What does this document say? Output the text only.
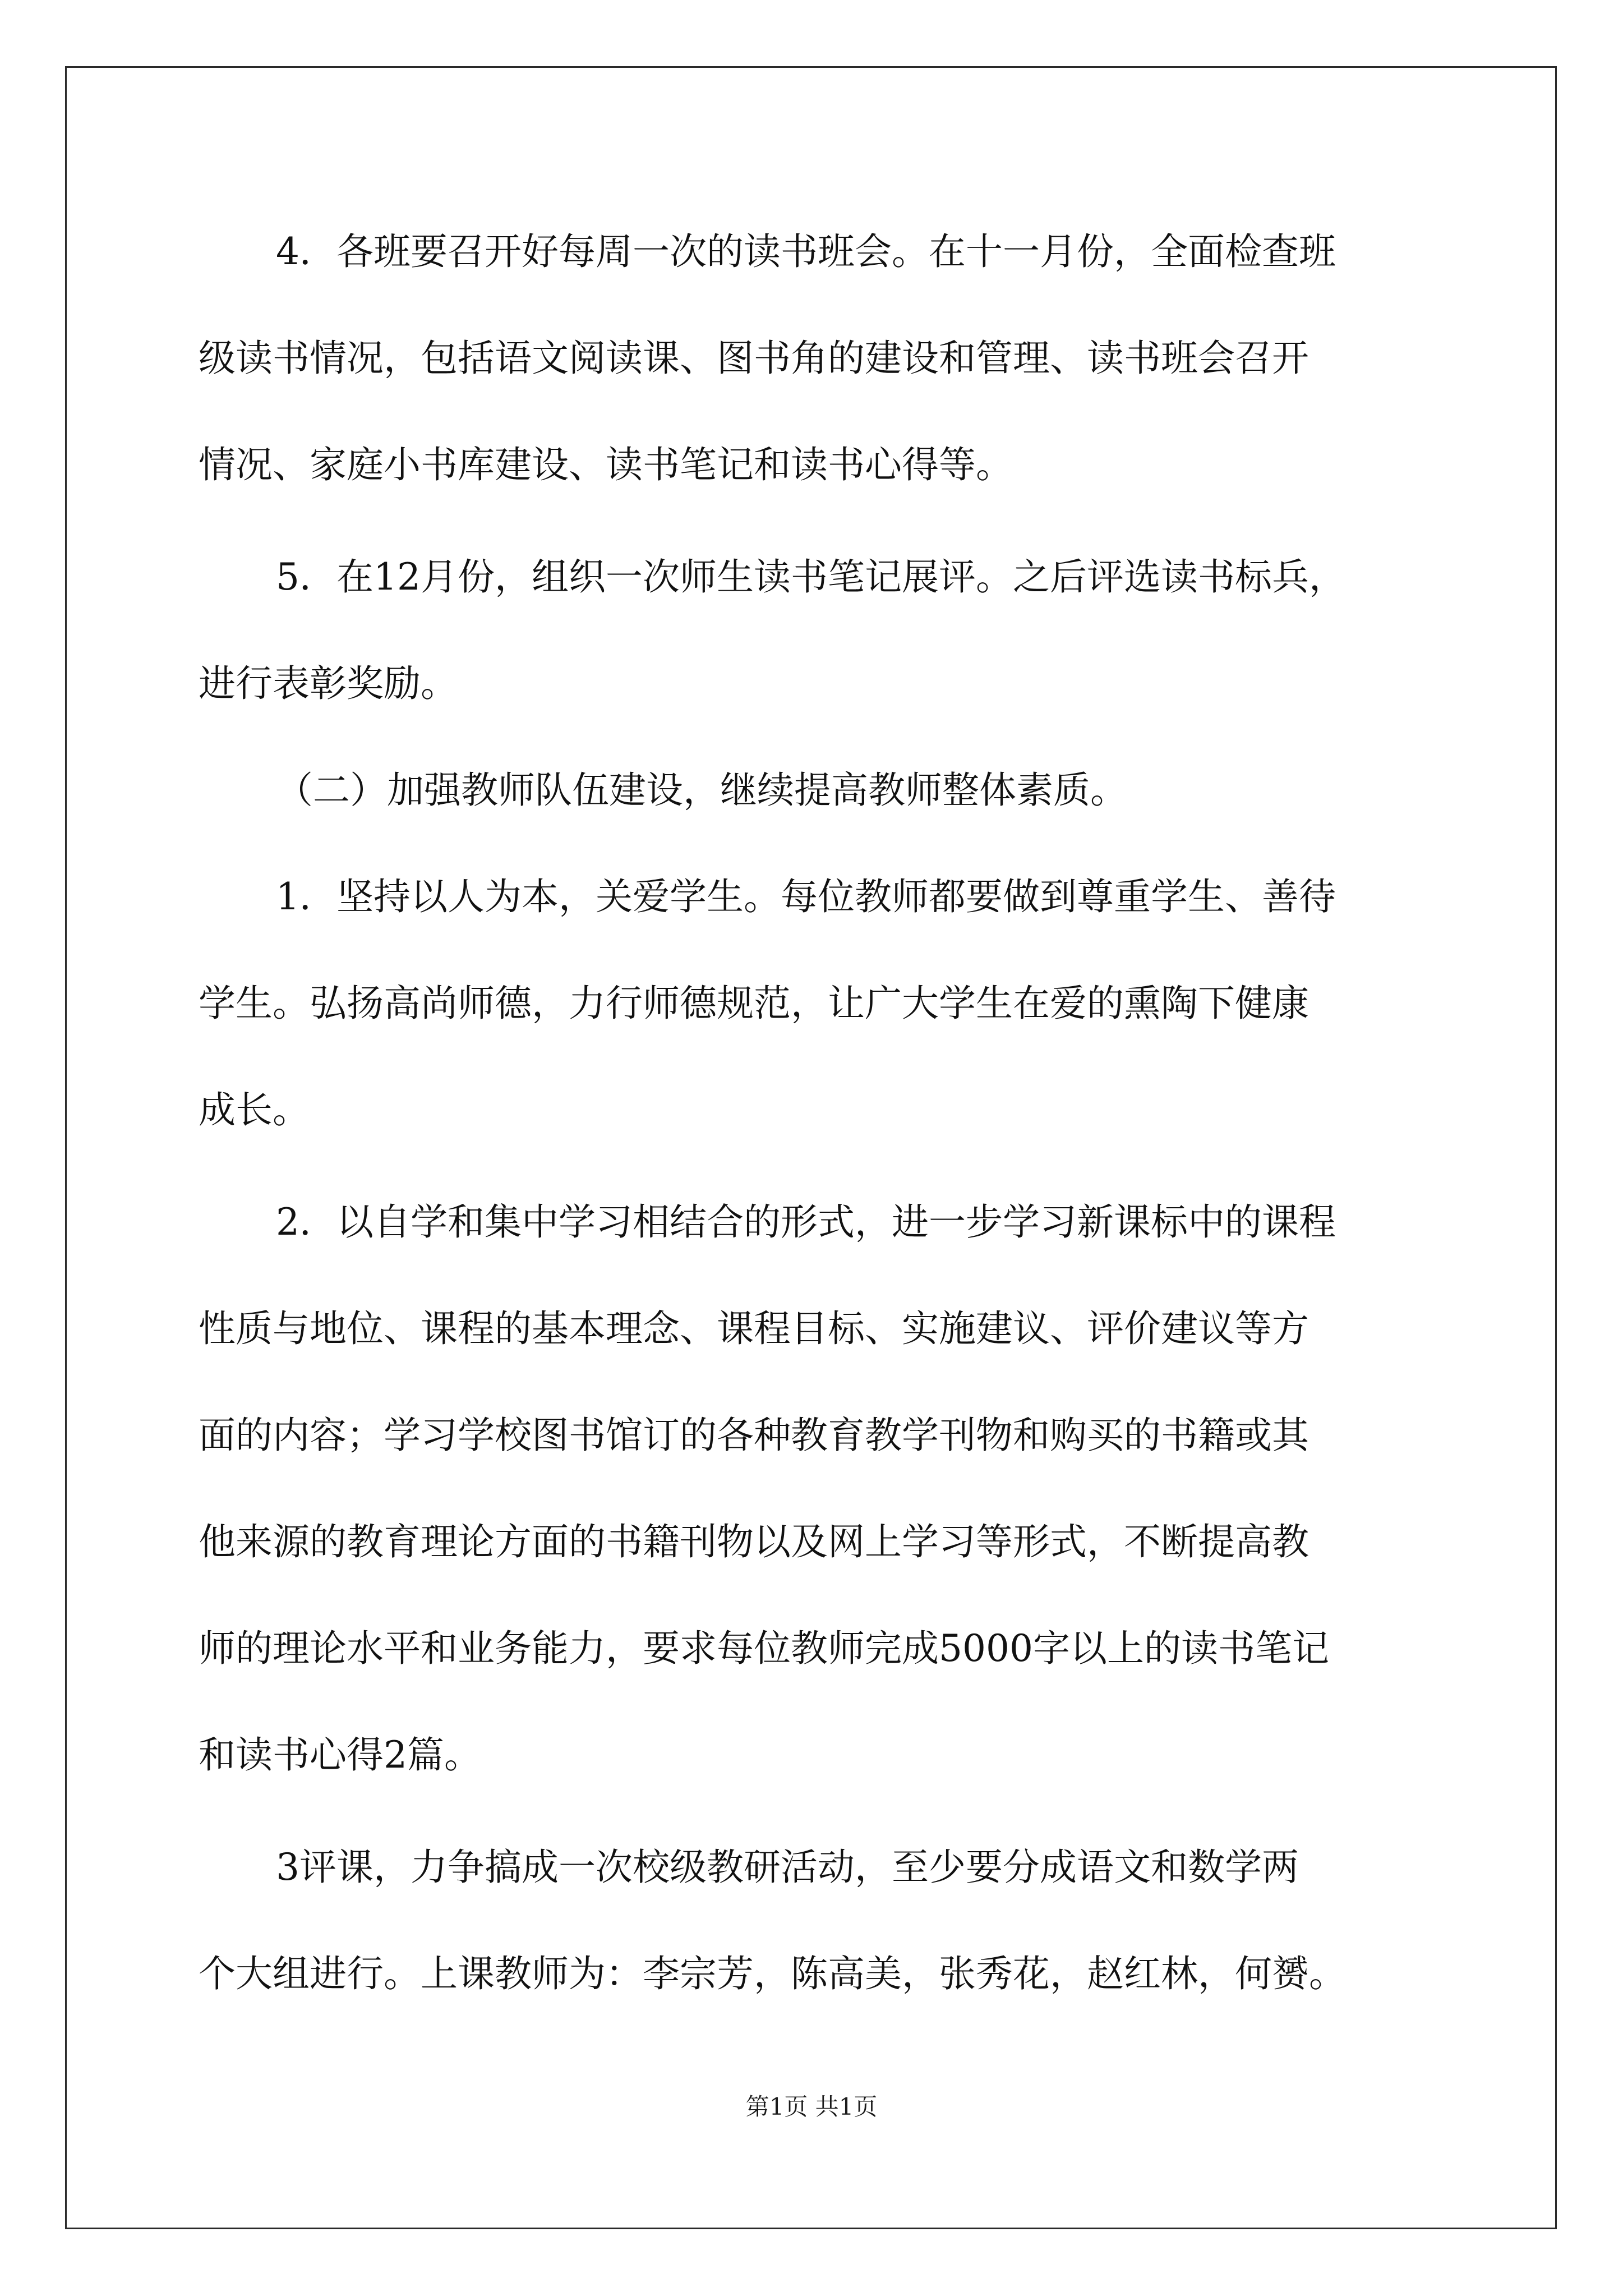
4．各班要召开好每周一次的读书班会。在十一月份，全面检查班
级读书情况，包括语文阅读课、图书角的建设和管理、读书班会召开
情况、家庭小书库建设、读书笔记和读书心得等。
5．在12月份，组织一次师生读书笔记展评。之后评选读书标兵，
进行表彰奖励。
（二）加强教师队伍建设，继续提高教师整体素质。
1．坚持以人为本，关爱学生。每位教师都要做到尊重学生、善待
学生。弘扬高尚师德，力行师德规范，让广大学生在爱的熏陶下健康
成长。
2．以自学和集中学习相结合的形式，进一步学习新课标中的课程
性质与地位、课程的基本理念、课程目标、实施建议、评价建议等方
面的内容；学习学校图书馆订的各种教育教学刊物和购买的书籍或其
他来源的教育理论方面的书籍刊物以及网上学习等形式，不断提高教
师的理论水平和业务能力，要求每位教师完成5000字以上的读书笔记
和读书心得2篇。
3评课，力争搞成一次校级教研活动，至少要分成语文和数学两
个大组进行。上课教师为：李宗芳，陈高美，张秀花，赵红林，何赟。
第1页 共1页
